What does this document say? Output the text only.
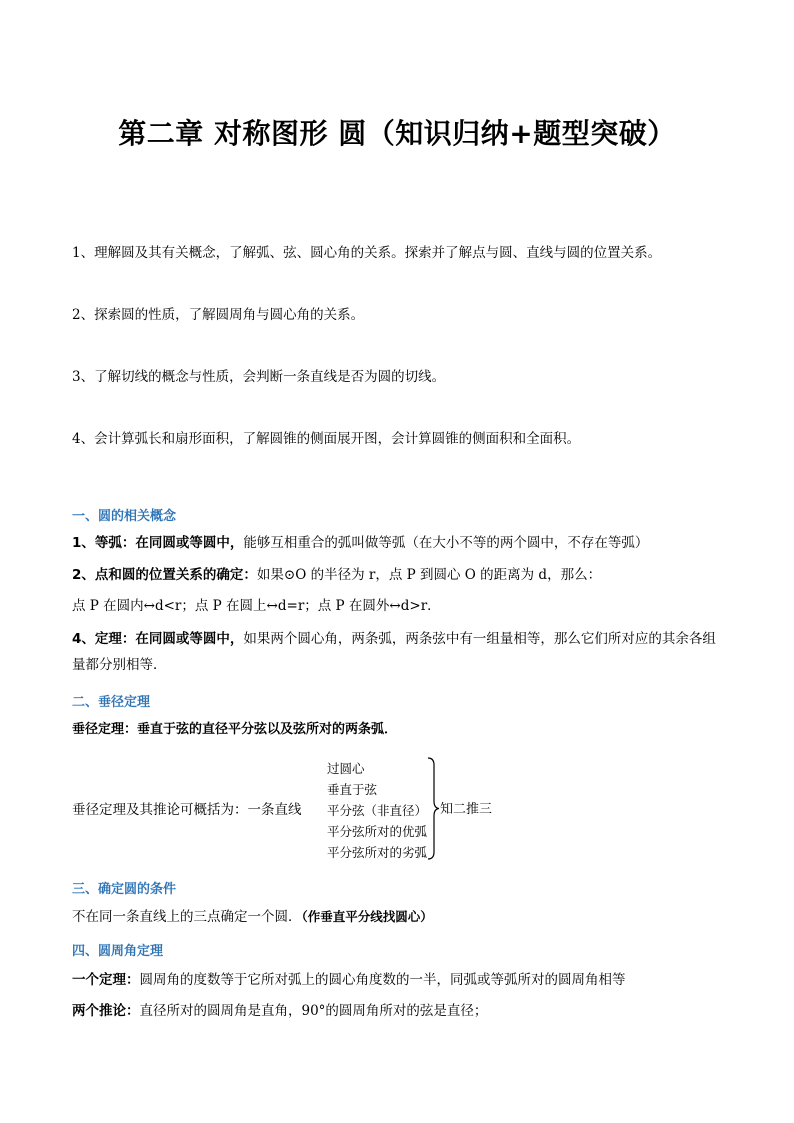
第二章 对称图形 圆（知识归纳+题型突破）
1、理解圆及其有关概念，了解弧、弦、圆心角的关系。探索并了解点与圆、直线与圆的位置关系。
2、探索圆的性质，了解圆周角与圆心角的关系。
3、了解切线的概念与性质，会判断一条直线是否为圆的切线。
4、会计算弧长和扇形面积，了解圆锥的侧面展开图，会计算圆锥的侧面积和全面积。
一、圆的相关概念
1、等弧：在同圆或等圆中，能够互相重合的弧叫做等弧（在大小不等的两个圆中，不存在等弧）
2、点和圆的位置关系的确定：如果⊙O 的半径为 r，点 P 到圆心 O 的距离为 d，那么：
点 P 在圆内↔d<r；点 P 在圆上↔d=r；点 P 在圆外↔d>r．
4、定理：在同圆或等圆中，如果两个圆心角，两条弧，两条弦中有一组量相等，那么它们所对应的其余各组量都分别相等．
二、垂径定理
垂径定理：垂直于弦的直径平分弦以及弦所对的两条弧．
垂径定理及其推论可概括为：一条直线
过圆心
垂直于弦
平分弦（非直径）
平分弦所对的优弧
平分弦所对的劣弧
知二推三
三、确定圆的条件
不在同一条直线上的三点确定一个圆．（作垂直平分线找圆心）
四、圆周角定理
一个定理：圆周角的度数等于它所对弧上的圆心角度数的一半，同弧或等弧所对的圆周角相等
两个推论：直径所对的圆周角是直角，90°的圆周角所对的弦是直径；
